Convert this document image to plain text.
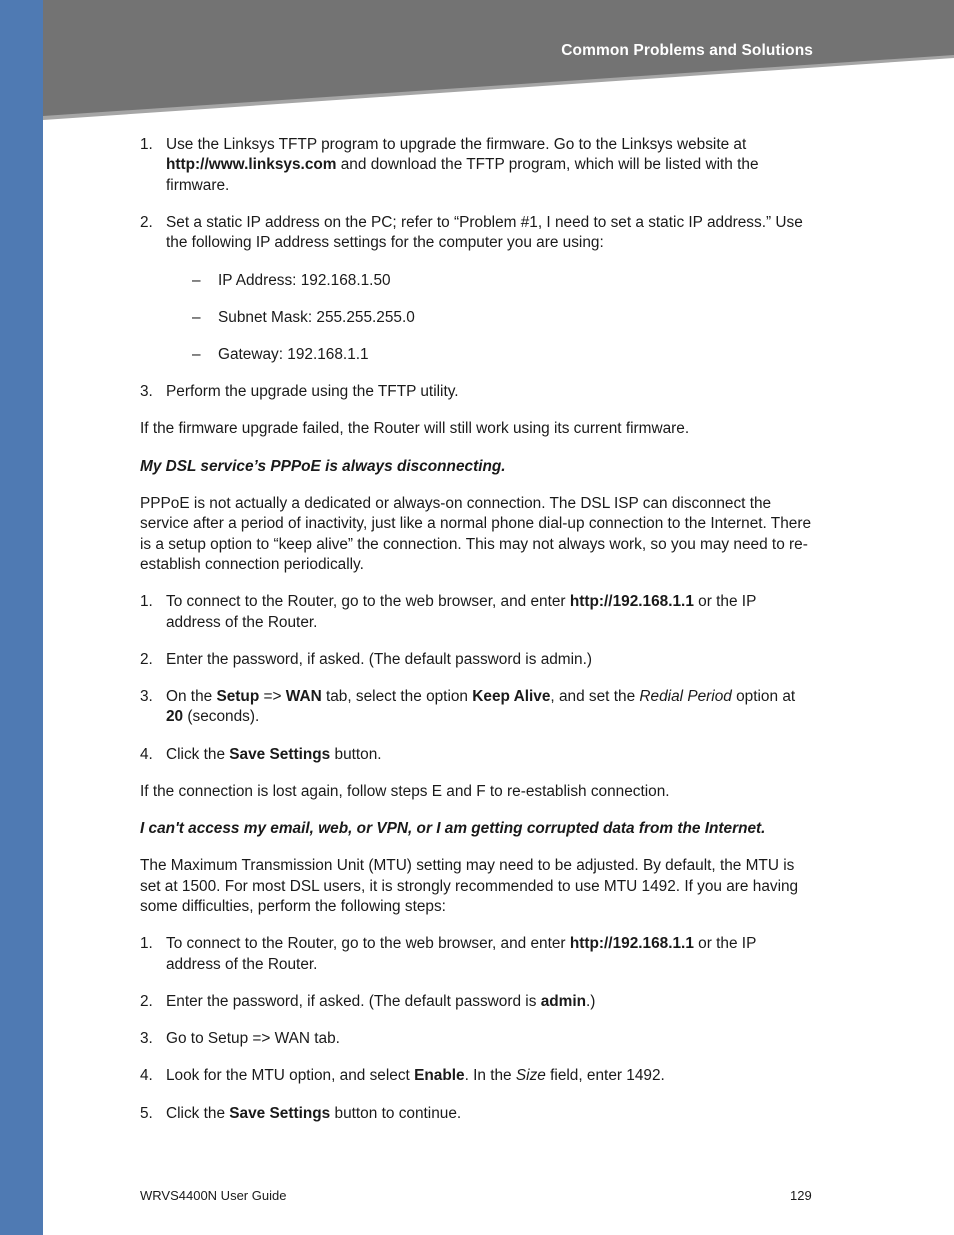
Common Problems and Solutions
1. Use the Linksys TFTP program to upgrade the firmware. Go to the Linksys website at http://www.linksys.com and download the TFTP program, which will be listed with the firmware.
2. Set a static IP address on the PC; refer to “Problem #1, I need to set a static IP address.” Use the following IP address settings for the computer you are using:
– IP Address: 192.168.1.50
– Subnet Mask: 255.255.255.0
– Gateway: 192.168.1.1
3. Perform the upgrade using the TFTP utility.
If the firmware upgrade failed, the Router will still work using its current firmware.
My DSL service’s PPPoE is always disconnecting.
PPPoE is not actually a dedicated or always-on connection. The DSL ISP can disconnect the service after a period of inactivity, just like a normal phone dial-up connection to the Internet. There is a setup option to “keep alive” the connection. This may not always work, so you may need to re-establish connection periodically.
1. To connect to the Router, go to the web browser, and enter http://192.168.1.1 or the IP address of the Router.
2. Enter the password, if asked. (The default password is admin.)
3. On the Setup => WAN tab, select the option Keep Alive, and set the Redial Period option at 20 (seconds).
4. Click the Save Settings button.
If the connection is lost again, follow steps E and F to re-establish connection.
I can't access my email, web, or VPN, or I am getting corrupted data from the Internet.
The Maximum Transmission Unit (MTU) setting may need to be adjusted. By default, the MTU is set at 1500. For most DSL users, it is strongly recommended to use MTU 1492. If you are having some difficulties, perform the following steps:
1. To connect to the Router, go to the web browser, and enter http://192.168.1.1 or the IP address of the Router.
2. Enter the password, if asked. (The default password is admin.)
3. Go to Setup => WAN tab.
4. Look for the MTU option, and select Enable. In the Size field, enter 1492.
5. Click the Save Settings button to continue.
WRVS4400N User Guide	129
